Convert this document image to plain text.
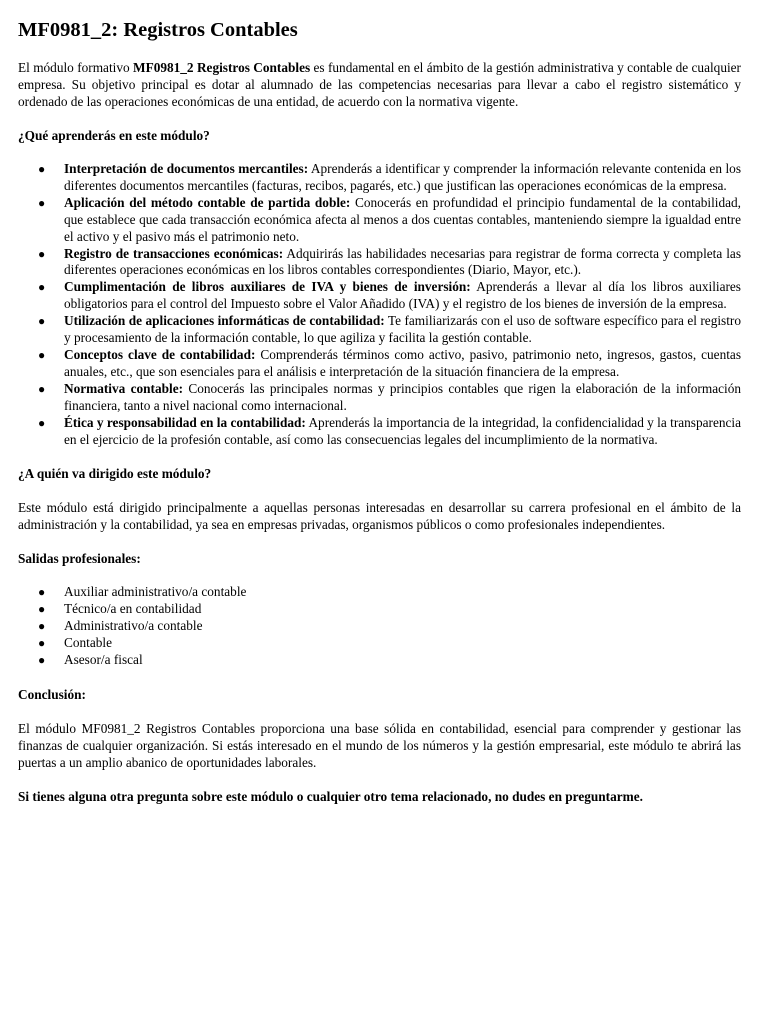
MF0981_2: Registros Contables

El módulo formativo MF0981_2 Registros Contables es fundamental en el ámbito de la gestión administrativa y contable de cualquier empresa. Su objetivo principal es dotar al alumnado de las competencias necesarias para llevar a cabo el registro sistemático y ordenado de las operaciones económicas de una entidad, de acuerdo con la normativa vigente.

¿Qué aprenderás en este módulo?
● Interpretación de documentos mercantiles: Aprenderás a identificar y comprender la información relevante contenida en los diferentes documentos mercantiles (facturas, recibos, pagarés, etc.) que justifican las operaciones económicas de la empresa.
● Aplicación del método contable de partida doble: Conocerás en profundidad el principio fundamental de la contabilidad, que establece que cada transacción económica afecta al menos a dos cuentas contables, manteniendo siempre la igualdad entre el activo y el pasivo más el patrimonio neto.
● Registro de transacciones económicas: Adquirirás las habilidades necesarias para registrar de forma correcta y completa las diferentes operaciones económicas en los libros contables correspondientes (Diario, Mayor, etc.).
● Cumplimentación de libros auxiliares de IVA y bienes de inversión: Aprenderás a llevar al día los libros auxiliares obligatorios para el control del Impuesto sobre el Valor Añadido (IVA) y el registro de los bienes de inversión de la empresa.
● Utilización de aplicaciones informáticas de contabilidad: Te familiarizarás con el uso de software específico para el registro y procesamiento de la información contable, lo que agiliza y facilita la gestión contable.
● Conceptos clave de contabilidad: Comprenderás términos como activo, pasivo, patrimonio neto, ingresos, gastos, cuentas anuales, etc., que son esenciales para el análisis e interpretación de la situación financiera de la empresa.
● Normativa contable: Conocerás las principales normas y principios contables que rigen la elaboración de la información financiera, tanto a nivel nacional como internacional.
● Ética y responsabilidad en la contabilidad: Aprenderás la importancia de la integridad, la confidencialidad y la transparencia en el ejercicio de la profesión contable, así como las consecuencias legales del incumplimiento de la normativa.
¿A quién va dirigido este módulo?

Este módulo está dirigido principalmente a aquellas personas interesadas en desarrollar su carrera profesional en el ámbito de la administración y la contabilidad, ya sea en empresas privadas, organismos públicos o como profesionales independientes.

Salidas profesionales:
● Auxiliar administrativo/a contable
● Técnico/a en contabilidad
● Administrativo/a contable
● Contable
● Asesor/a fiscal
Conclusión:

El módulo MF0981_2 Registros Contables proporciona una base sólida en contabilidad, esencial para comprender y gestionar las finanzas de cualquier organización. Si estás interesado en el mundo de los números y la gestión empresarial, este módulo te abrirá las puertas a un amplio abanico de oportunidades laborales.

Si tienes alguna otra pregunta sobre este módulo o cualquier otro tema relacionado, no dudes en preguntarme.
